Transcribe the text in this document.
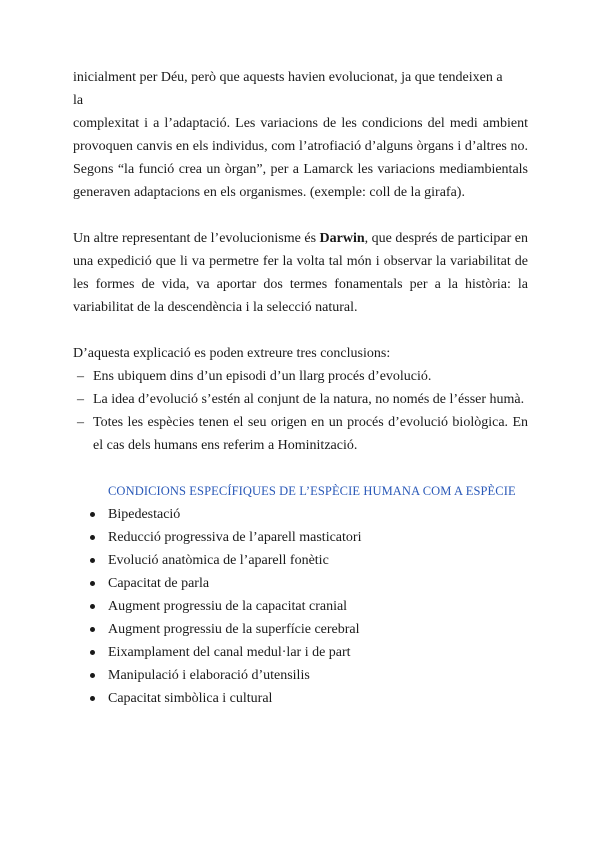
inicialment per Déu, però que aquests havien evolucionat, ja que tendeixen a
la
complexitat i a l’adaptació. Les variacions de les condicions del medi ambient provoquen canvis en els individus, com l’atrofiació d’alguns òrgans i d’altres no. Segons “la funció crea un òrgan”, per a Lamarck les variacions mediambientals generaven adaptacions en els organismes. (exemple: coll de la girafa).

Un altre representant de l’evolucionisme és Darwin, que després de participar en una expedició que li va permetre fer la volta tal món i observar la variabilitat de les formes de vida, va aportar dos termes fonamentals per a la història: la variabilitat de la descendència i la selecció natural.

D’aquesta explicació es poden extreure tres conclusions:

– Ens ubiquem dins d’un episodi d’un llarg procés d’evolució.
– La idea d’evolució s’estén al conjunt de la natura, no només de l’ésser humà.
– Totes les espècies tenen el seu origen en un procés d’evolució biològica. En el cas dels humans ens referim a Hominització.

CONDICIONS ESPECÍFIQUES DE L’ESPÈCIE HUMANA COM A ESPÈCIE

Bipedestació
Reducció progressiva de l’aparell masticatori
Evolució anatòmica de l’aparell fonètic
Capacitat de parla
Augment progressiu de la capacitat cranial
Augment progressiu de la superfície cerebral
Eixamplament del canal medul·lar i de part
Manipulació i elaboració d’utensilis
Capacitat simbòlica i cultural
